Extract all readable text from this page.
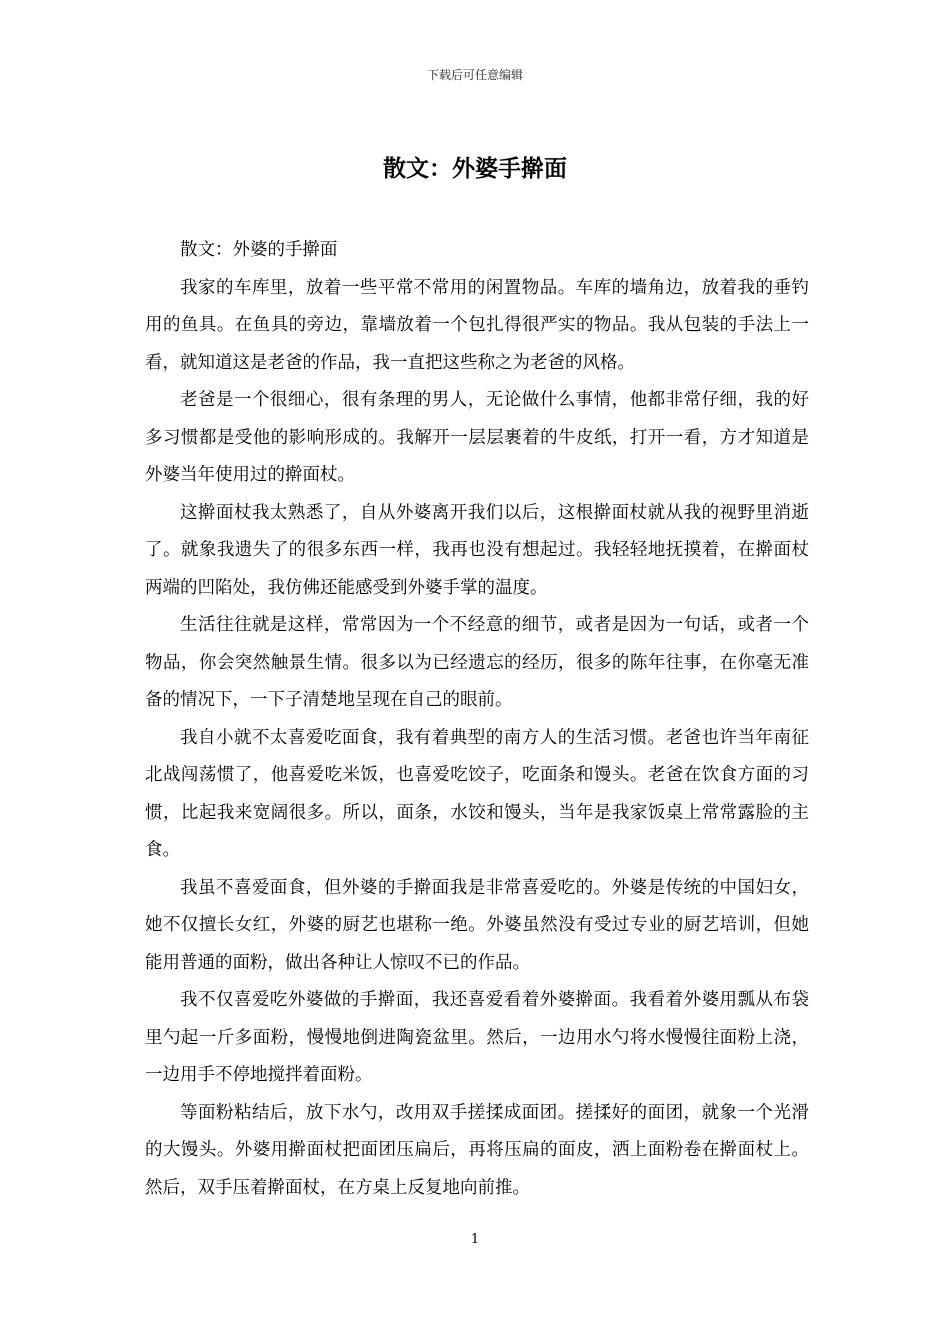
下载后可任意编辑
散文：外婆手擀面

散文：外婆的手擀面

我家的车库里，放着一些平常不常用的闲置物品。车库的墙角边，放着我的垂钓用的鱼具。在鱼具的旁边，靠墙放着一个包扎得很严实的物品。我从包装的手法上一看，就知道这是老爸的作品，我一直把这些称之为老爸的风格。

老爸是一个很细心，很有条理的男人，无论做什么事情，他都非常仔细，我的好多习惯都是受他的影响形成的。我解开一层层裹着的牛皮纸，打开一看，方才知道是外婆当年使用过的擀面杖。

这擀面杖我太熟悉了，自从外婆离开我们以后，这根擀面杖就从我的视野里消逝了。就象我遗失了的很多东西一样，我再也没有想起过。我轻轻地抚摸着，在擀面杖两端的凹陷处，我仿佛还能感受到外婆手掌的温度。

生活往往就是这样，常常因为一个不经意的细节，或者是因为一句话，或者一个物品，你会突然触景生情。很多以为已经遗忘的经历，很多的陈年往事，在你毫无准备的情况下，一下子清楚地呈现在自己的眼前。

我自小就不太喜爱吃面食，我有着典型的南方人的生活习惯。老爸也许当年南征北战闯荡惯了，他喜爱吃米饭，也喜爱吃饺子，吃面条和馒头。老爸在饮食方面的习惯，比起我来宽阔很多。所以，面条，水饺和馒头，当年是我家饭桌上常常露脸的主食。

我虽不喜爱面食，但外婆的手擀面我是非常喜爱吃的。外婆是传统的中国妇女，她不仅擅长女红，外婆的厨艺也堪称一绝。外婆虽然没有受过专业的厨艺培训，但她能用普通的面粉，做出各种让人惊叹不已的作品。

我不仅喜爱吃外婆做的手擀面，我还喜爱看着外婆擀面。我看着外婆用瓢从布袋里勺起一斤多面粉，慢慢地倒进陶瓷盆里。然后，一边用水勺将水慢慢往面粉上浇，一边用手不停地搅拌着面粉。

等面粉粘结后，放下水勺，改用双手搓揉成面团。搓揉好的面团，就象一个光滑的大馒头。外婆用擀面杖把面团压扁后，再将压扁的面皮，洒上面粉卷在擀面杖上。然后，双手压着擀面杖，在方桌上反复地向前推。

1
